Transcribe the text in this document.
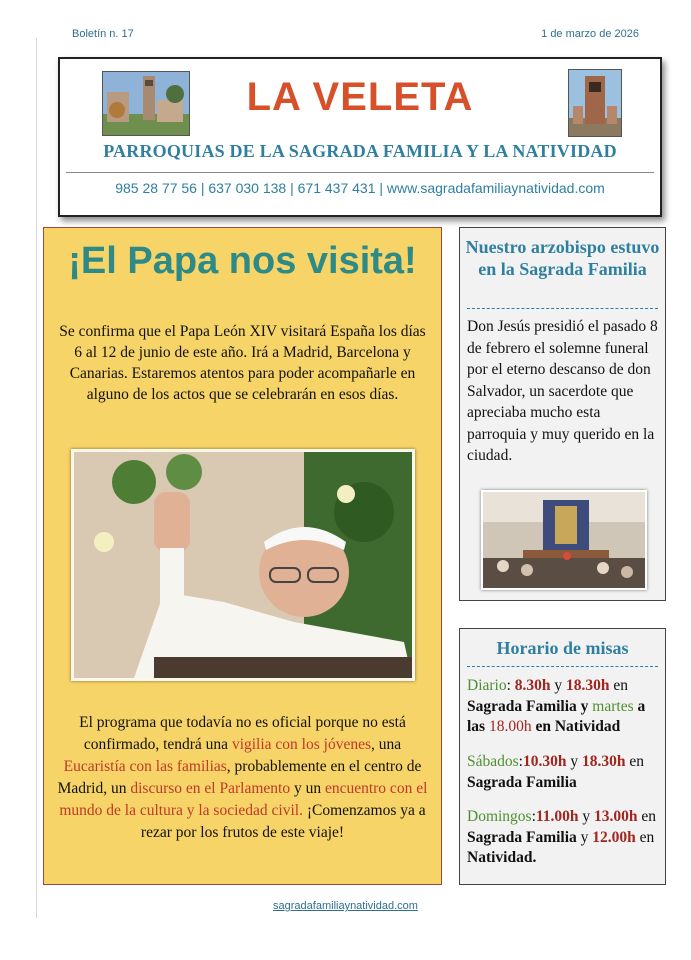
Boletín n. 17	1 de marzo de 2026
LA VELETA
PARROQUIAS DE LA SAGRADA FAMILIA Y LA NATIVIDAD
985 28 77 56 | 637 030 138 | 671 437 431 | www.sagradafamiliaynatividad.com
¡El Papa nos visita!
Se confirma que el Papa León XIV visitará España los días 6 al 12 de junio de este año. Irá a Madrid, Barcelona y Canarias. Estaremos atentos para poder acompañarle en alguno de los actos que se celebrarán en esos días.
El programa que todavía no es oficial porque no está confirmado, tendrá una vigilia con los jóvenes, una Eucaristía con las familias, probablemente en el centro de Madrid, un discurso en el Parlamento y un encuentro con el mundo de la cultura y la sociedad civil. ¡Comenzamos ya a rezar por los frutos de este viaje!
Nuestro arzobispo estuvo en la Sagrada Familia
Don Jesús presidió el pasado 8 de febrero el solemne funeral por el eterno descanso de don Salvador, un sacerdote que apreciaba mucho esta parroquia y muy querido en la ciudad.
Horario de misas
Diario: 8.30h y 18.30h en Sagrada Familia y martes a las 18.00h en Natividad
Sábados:10.30h y 18.30h en Sagrada Familia
Domingos:11.00h y 13.00h en Sagrada Familia y 12.00h en Natividad.
sagradafamiliaynatividad.com
